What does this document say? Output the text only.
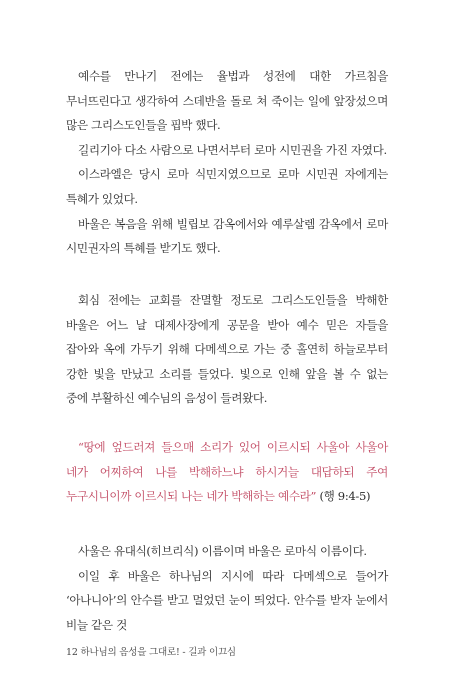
예수를 만나기 전에는 율법과 성전에 대한 가르침을 무너뜨린다고 생각하여 스데반을 돌로 쳐 죽이는 일에 앞장섰으며 많은 그리스도인들을 핍박 했다.

길리기아 다소 사람으로 나면서부터 로마 시민권을 가진 자였다.

이스라엘은 당시 로마 식민지였으므로 로마 시민권 자에게는 특혜가 있었다.

바울은 복음을 위해 빌립보 감옥에서와 예루살렘 감옥에서 로마 시민권자의 특혜를 받기도 했다.

회심 전에는 교회를 잔멸할 정도로 그리스도인들을 박해한 바울은 어느 날 대제사장에게 공문을 받아 예수 믿은 자들을 잡아와 옥에 가두기 위해 다메섹으로 가는 중 홀연히 하늘로부터 강한 빛을 만났고 소리를 들었다. 빛으로 인해 앞을 볼 수 없는 중에 부활하신 예수님의 음성이 들려왔다.

“땅에 엎드러져 들으매 소리가 있어 이르시되 사울아 사울아 네가 어찌하여 나를 박해하느냐 하시거늘 대답하되 주여 누구시니이까 이르시되 나는 네가 박해하는 예수라” (행 9:4-5)

사울은 유대식(히브리식) 이름이며 바울은 로마식 이름이다.

이일 후 바울은 하나님의 지시에 따라 다메섹으로 들어가 ‘아나니아’의 안수를 받고 멀었던 눈이 띄었다. 안수를 받자 눈에서 비늘 같은 것

12 하나님의 음성을 그대로! - 길과 이끄심
